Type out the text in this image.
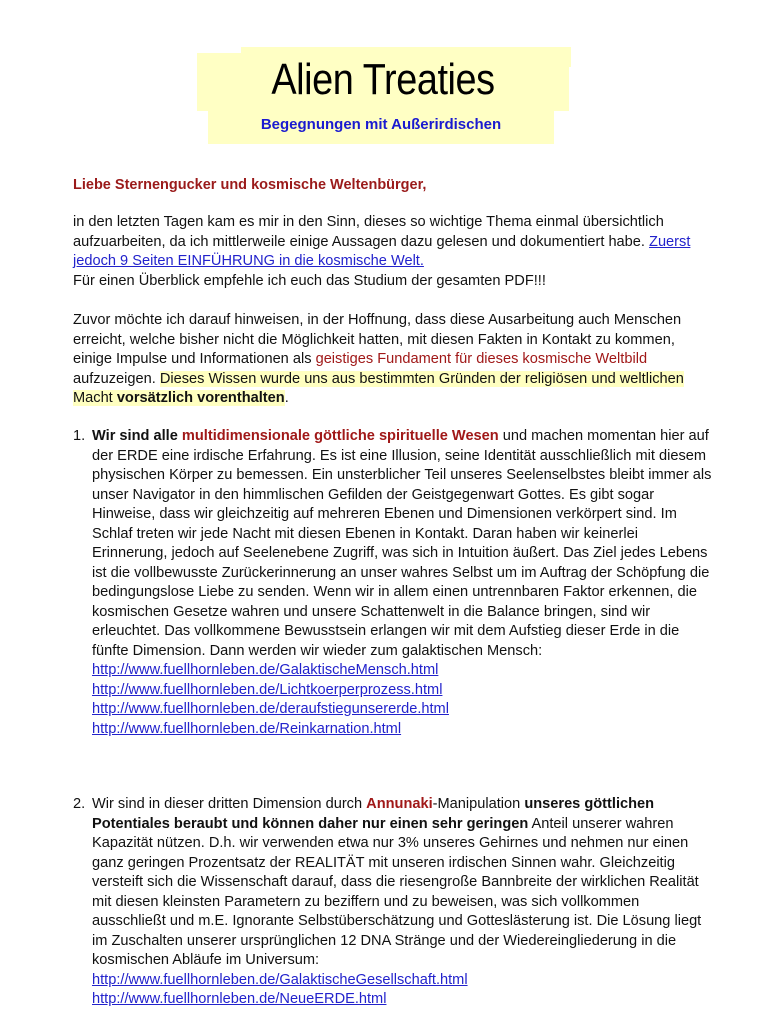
Alien Treaties
Begegnungen mit Außerirdischen
Liebe Sternengucker und kosmische Weltenbürger,
in den letzten Tagen kam es mir in den Sinn, dieses so wichtige Thema einmal übersichtlich aufzuarbeiten, da ich mittlerweile einige Aussagen dazu gelesen und dokumentiert habe. Zuerst jedoch 9 Seiten EINFÜHRUNG in die kosmische Welt.
Für einen Überblick empfehle ich euch das Studium der gesamten PDF!!!
Zuvor möchte ich darauf hinweisen, in der Hoffnung, dass diese Ausarbeitung auch Menschen erreicht, welche bisher nicht die Möglichkeit hatten, mit diesen Fakten in Kontakt zu kommen, einige Impulse und Informationen als geistiges Fundament für dieses kosmische Weltbild aufzuzeigen. Dieses Wissen wurde uns aus bestimmten Gründen der religiösen und weltlichen Macht vorsätzlich vorenthalten.
1. Wir sind alle multidimensionale göttliche spirituelle Wesen und machen momentan hier auf der ERDE eine irdische Erfahrung. Es ist eine Illusion, seine Identität ausschließlich mit diesem physischen Körper zu bemessen. Ein unsterblicher Teil unseres Seelenselbstes bleibt immer als unser Navigator in den himmlischen Gefilden der Geistgegenwart Gottes. Es gibt sogar Hinweise, dass wir gleichzeitig auf mehreren Ebenen und Dimensionen verkörpert sind. Im Schlaf treten wir jede Nacht mit diesen Ebenen in Kontakt. Daran haben wir keinerlei Erinnerung, jedoch auf Seelenebene Zugriff, was sich in Intuition äußert. Das Ziel jedes Lebens ist die vollbewusste Zurückerinnerung an unser wahres Selbst um im Auftrag der Schöpfung die bedingungslose Liebe zu senden. Wenn wir in allem einen untrennbaren Faktor erkennen, die kosmischen Gesetze wahren und unsere Schattenwelt in die Balance bringen, sind wir erleuchtet. Das vollkommene Bewusstsein erlangen wir mit dem Aufstieg dieser Erde in die fünfte Dimension. Dann werden wir wieder zum galaktischen Mensch:
http://www.fuellhornleben.de/GalaktischeMensch.html
http://www.fuellhornleben.de/Lichtkoerperprozess.html
http://www.fuellhornleben.de/deraufstiegunsererde.html
http://www.fuellhornleben.de/Reinkarnation.html
2. Wir sind in dieser dritten Dimension durch Annunaki-Manipulation unseres göttlichen Potentiales beraubt und können daher nur einen sehr geringen Anteil unserer wahren Kapazität nützen. D.h. wir verwenden etwa nur 3% unseres Gehirnes und nehmen nur einen ganz geringen Prozentsatz der REALITÄT mit unseren irdischen Sinnen wahr. Gleichzeitig versteift sich die Wissenschaft darauf, dass die riesengroße Bannbreite der wirklichen Realität mit diesen kleinsten Parametern zu beziffern und zu beweisen, was sich vollkommen ausschließt und m.E. Ignorante Selbstüberschätzung und Gotteslästerung ist. Die Lösung liegt im Zuschalten unserer ursprünglichen 12 DNA Stränge und der Wiedereingliederung in die kosmischen Abläufe im Universum:
http://www.fuellhornleben.de/GalaktischeGesellschaft.html
http://www.fuellhornleben.de/NeueERDE.html
